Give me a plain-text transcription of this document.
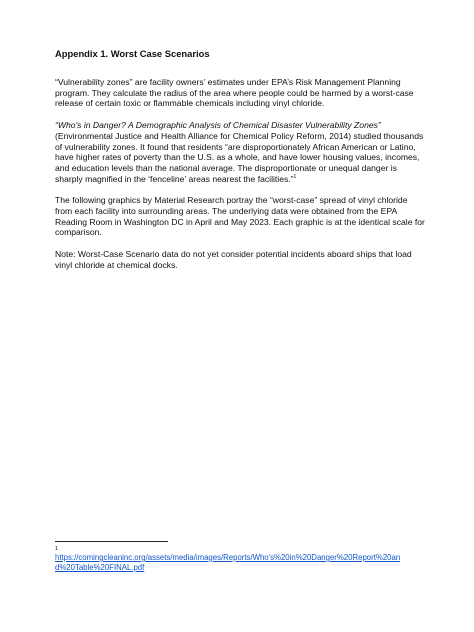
Appendix 1. Worst Case Scenarios

“Vulnerability zones” are facility owners’ estimates under EPA’s Risk Management Planning program. They calculate the radius of the area where people could be harmed by a worst-case release of certain toxic or flammable chemicals including vinyl chloride.

“Who's in Danger? A Demographic Analysis of Chemical Disaster Vulnerability Zones” (Environmental Justice and Health Alliance for Chemical Policy Reform, 2014) studied thousands of vulnerability zones. It found that residents “are disproportionately African American or Latino, have higher rates of poverty than the U.S. as a whole, and have lower housing values, incomes, and education levels than the national average. The disproportionate or unequal danger is sharply magnified in the ‘fenceline’ areas nearest the facilities.”$^1$

The following graphics by Material Research portray the “worst-case” spread of vinyl chloride from each facility into surrounding areas. The underlying data were obtained from the EPA Reading Room in Washington DC in April and May 2023. Each graphic is at the identical scale for comparison.

Note: Worst-Case Scenario data do not yet consider potential incidents aboard ships that load vinyl chloride at chemical docks.

1
https://comingcleaninc.org/assets/media/images/Reports/Who's%20in%20Danger%20Report%20and%20Table%20FINAL.pdf
